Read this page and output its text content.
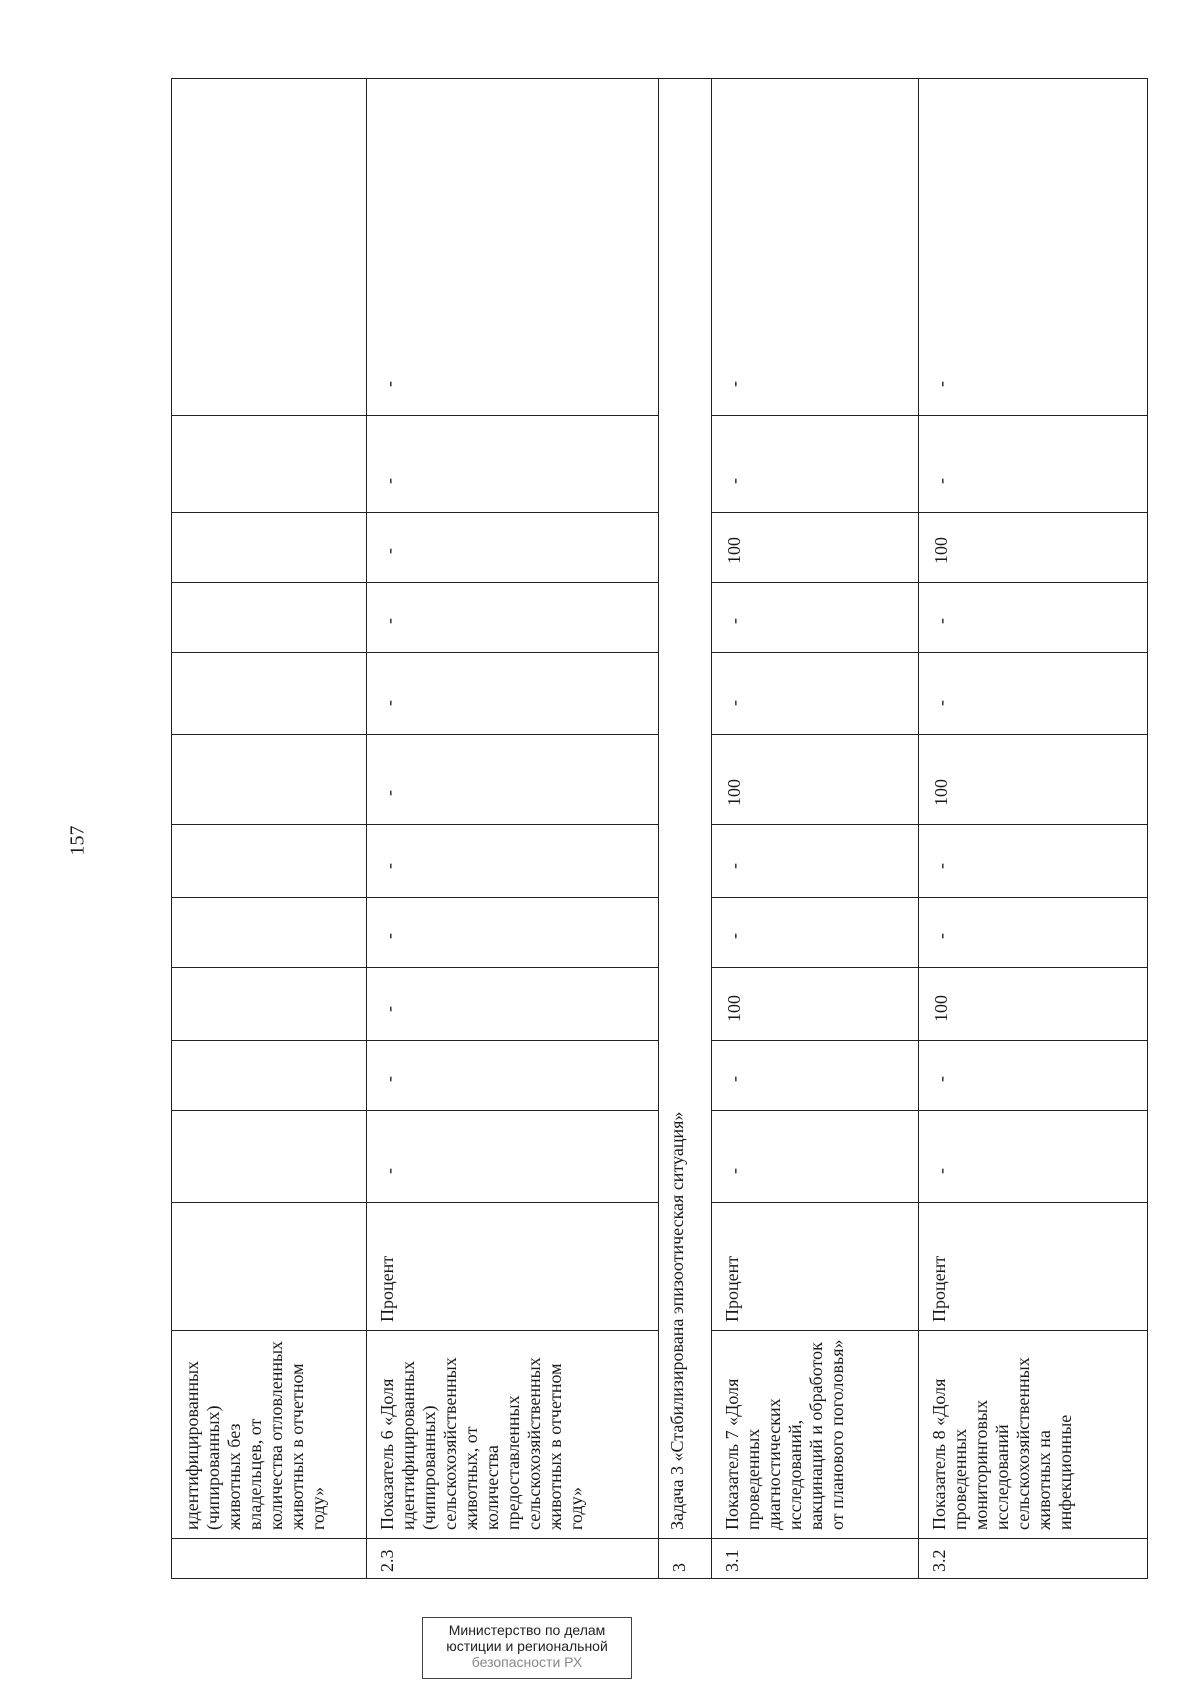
157
	идентифицированных (чипированных) животных без владельцев, от количества отловленных животных в отчетном году»												
2.3	Показатель 6 «Доля идентифицированных (чипированных) сельскохозяйственных животных, от количества предоставленных сельскохозяйственных животных в отчетном году»	Процент	-	-	-	-	-	-	-	-	-	-	-
3	Задача 3 «Стабилизирована эпизоотическая ситуация»												
3.1	Показатель 7 «Доля проведенных диагностических исследований, вакцинаций и обработок от планового поголовья»	Процент	-	-	100	-	-	100	-	-	100	-	-
3.2	Показатель 8 «Доля проведенных мониторинговых исследований сельскохозяйственных животных на инфекционные	Процент	-	-	100	-	-	100	-	-	100	-	-
Министерство по делам
юстиции и региональной
безопасности РХ
